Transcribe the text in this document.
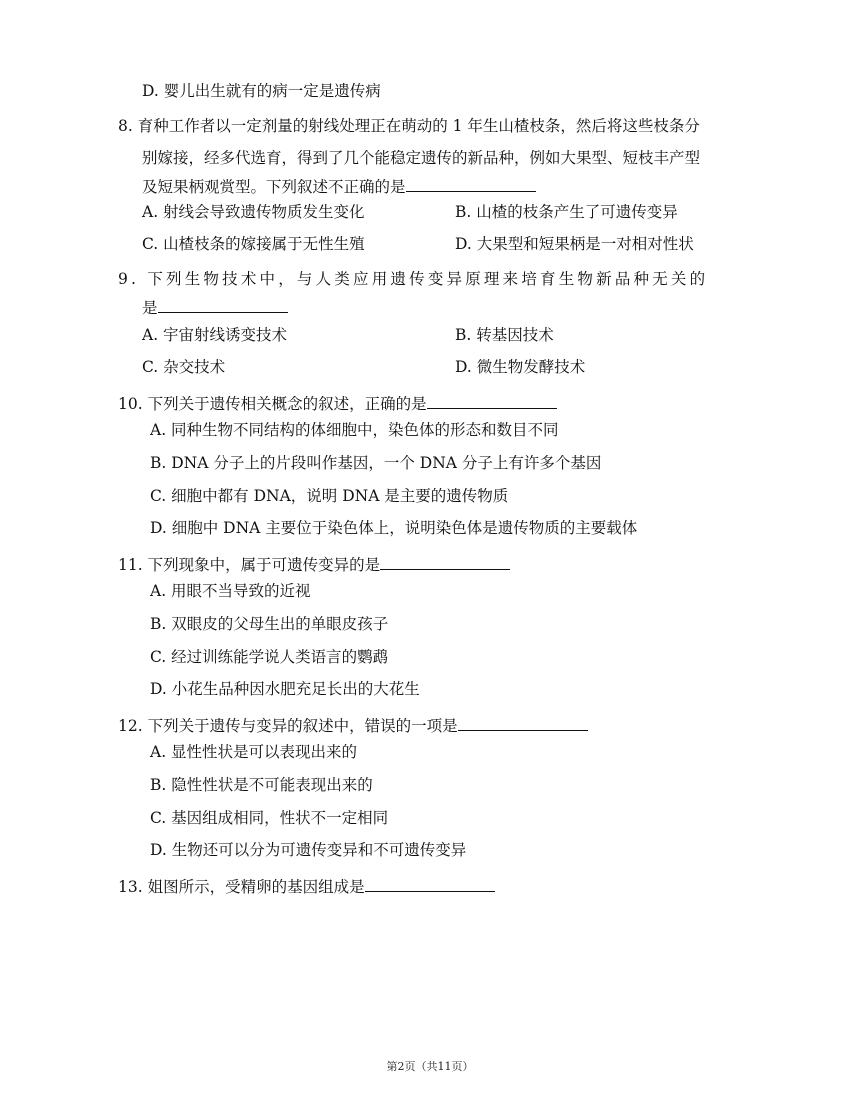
D. 婴儿出生就有的病一定是遗传病
8. 育种工作者以一定剂量的射线处理正在萌动的 1 年生山楂枝条，然后将这些枝条分
别嫁接，经多代选育，得到了几个能稳定遗传的新品种，例如大果型、短枝丰产型
及短果柄观赏型。下列叙述不正确的是
A. 射线会导致遗传物质发生变化	B. 山楂的枝条产生了可遗传变异
C. 山楂枝条的嫁接属于无性生殖	D. 大果型和短果柄是一对相对性状
9. 下列生物技术中，与人类应用遗传变异原理来培育生物新品种无关的
是
A. 宇宙射线诱变技术	B. 转基因技术
C. 杂交技术	D. 微生物发酵技术
10. 下列关于遗传相关概念的叙述，正确的是
A. 同种生物不同结构的体细胞中，染色体的形态和数目不同
B. DNA 分子上的片段叫作基因，一个 DNA 分子上有许多个基因
C. 细胞中都有 DNA，说明 DNA 是主要的遗传物质
D. 细胞中 DNA 主要位于染色体上，说明染色体是遗传物质的主要载体
11. 下列现象中，属于可遗传变异的是
A. 用眼不当导致的近视
B. 双眼皮的父母生出的单眼皮孩子
C. 经过训练能学说人类语言的鹦鹉
D. 小花生品种因水肥充足长出的大花生
12. 下列关于遗传与变异的叙述中，错误的一项是
A. 显性性状是可以表现出来的
B. 隐性性状是不可能表现出来的
C. 基因组成相同，性状不一定相同
D. 生物还可以分为可遗传变异和不可遗传变异
13. 姐图所示，受精卵的基因组成是
第2页（共11页）
